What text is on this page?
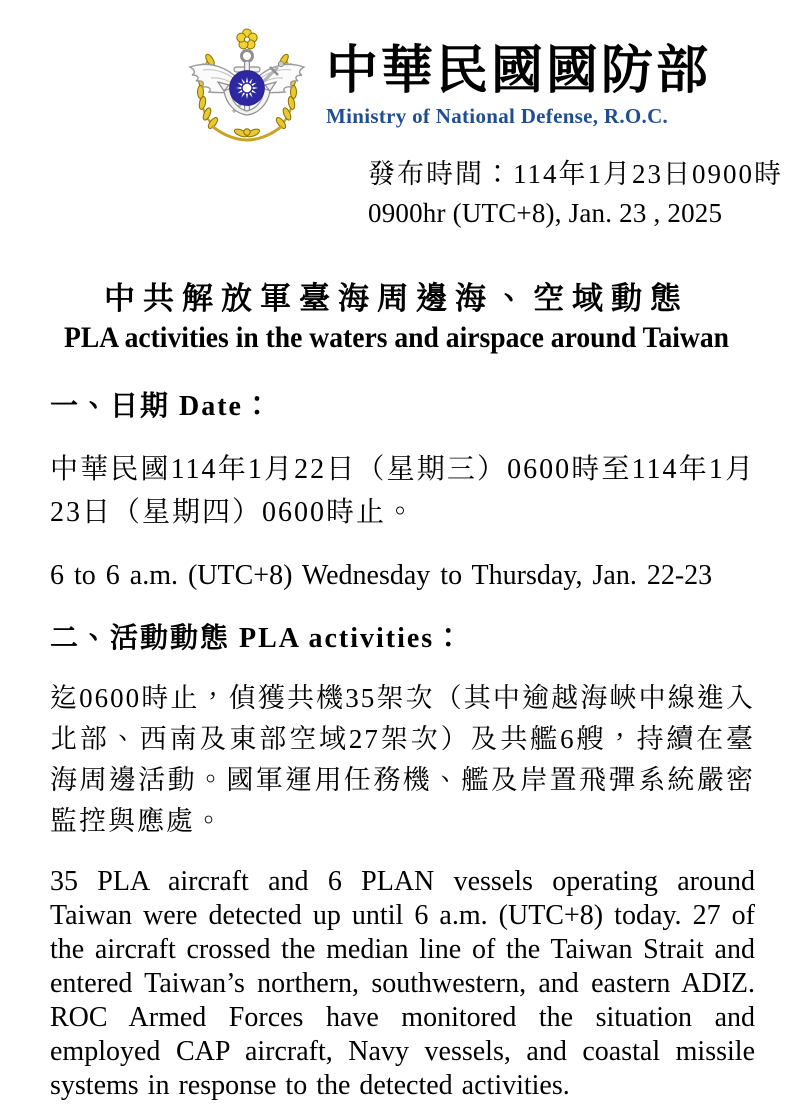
中華民國國防部
Ministry of National Defense, R.O.C.
發布時間：114年1月23日0900時
0900hr (UTC+8), Jan. 23 , 2025
中共解放軍臺海周邊海、空域動態
PLA activities in the waters and airspace around Taiwan
一、日期 Date：

中華民國114年1月22日（星期三）0600時至114年1月23日（星期四）0600時止。

6 to 6 a.m. (UTC+8) Wednesday to Thursday, Jan. 22-23

二、活動動態 PLA activities：

迄0600時止，偵獲共機35架次（其中逾越海峽中線進入北部、西南及東部空域27架次）及共艦6艘，持續在臺海周邊活動。國軍運用任務機、艦及岸置飛彈系統嚴密監控與應處。

35 PLA aircraft and 6 PLAN vessels operating around Taiwan were detected up until 6 a.m. (UTC+8) today. 27 of the aircraft crossed the median line of the Taiwan Strait and entered Taiwan’s northern, southwestern, and eastern ADIZ. ROC Armed Forces have monitored the situation and employed CAP aircraft, Navy vessels, and coastal missile systems in response to the detected activities.
